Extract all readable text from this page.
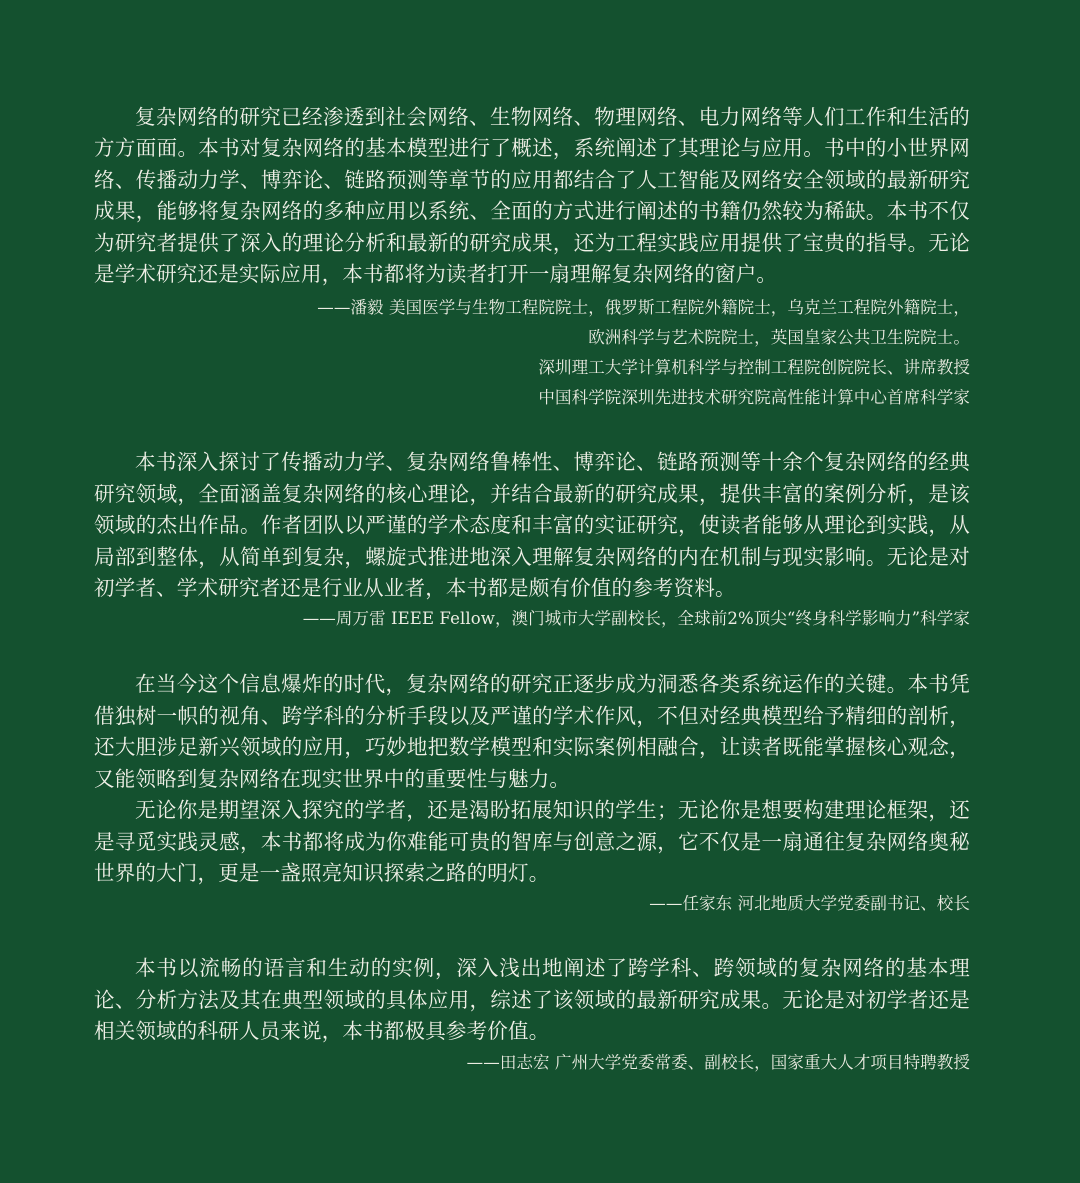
复杂网络的研究已经渗透到社会网络、生物网络、物理网络、电力网络等人们工作和生活的方方面面。本书对复杂网络的基本模型进行了概述，系统阐述了其理论与应用。书中的小世界网络、传播动力学、博弈论、链路预测等章节的应用都结合了人工智能及网络安全领域的最新研究成果，能够将复杂网络的多种应用以系统、全面的方式进行阐述的书籍仍然较为稀缺。本书不仅为研究者提供了深入的理论分析和最新的研究成果，还为工程实践应用提供了宝贵的指导。无论是学术研究还是实际应用，本书都将为读者打开一扇理解复杂网络的窗户。

——潘毅 美国医学与生物工程院院士，俄罗斯工程院外籍院士，乌克兰工程院外籍院士，

欧洲科学与艺术院院士，英国皇家公共卫生院院士。

深圳理工大学计算机科学与控制工程院创院院长、讲席教授

中国科学院深圳先进技术研究院高性能计算中心首席科学家

本书深入探讨了传播动力学、复杂网络鲁棒性、博弈论、链路预测等十余个复杂网络的经典研究领域，全面涵盖复杂网络的核心理论，并结合最新的研究成果，提供丰富的案例分析，是该领域的杰出作品。作者团队以严谨的学术态度和丰富的实证研究，使读者能够从理论到实践，从局部到整体，从简单到复杂，螺旋式推进地深入理解复杂网络的内在机制与现实影响。无论是对初学者、学术研究者还是行业从业者，本书都是颇有价值的参考资料。

——周万雷 IEEE Fellow，澳门城市大学副校长，全球前2%顶尖“终身科学影响力”科学家

在当今这个信息爆炸的时代，复杂网络的研究正逐步成为洞悉各类系统运作的关键。本书凭借独树一帜的视角、跨学科的分析手段以及严谨的学术作风，不但对经典模型给予精细的剖析，还大胆涉足新兴领域的应用，巧妙地把数学模型和实际案例相融合，让读者既能掌握核心观念，又能领略到复杂网络在现实世界中的重要性与魅力。

无论你是期望深入探究的学者，还是渴盼拓展知识的学生；无论你是想要构建理论框架，还是寻觅实践灵感，本书都将成为你难能可贵的智库与创意之源，它不仅是一扇通往复杂网络奥秘世界的大门，更是一盏照亮知识探索之路的明灯。

——任家东 河北地质大学党委副书记、校长

本书以流畅的语言和生动的实例，深入浅出地阐述了跨学科、跨领域的复杂网络的基本理论、分析方法及其在典型领域的具体应用，综述了该领域的最新研究成果。无论是对初学者还是相关领域的科研人员来说，本书都极具参考价值。

——田志宏 广州大学党委常委、副校长，国家重大人才项目特聘教授
